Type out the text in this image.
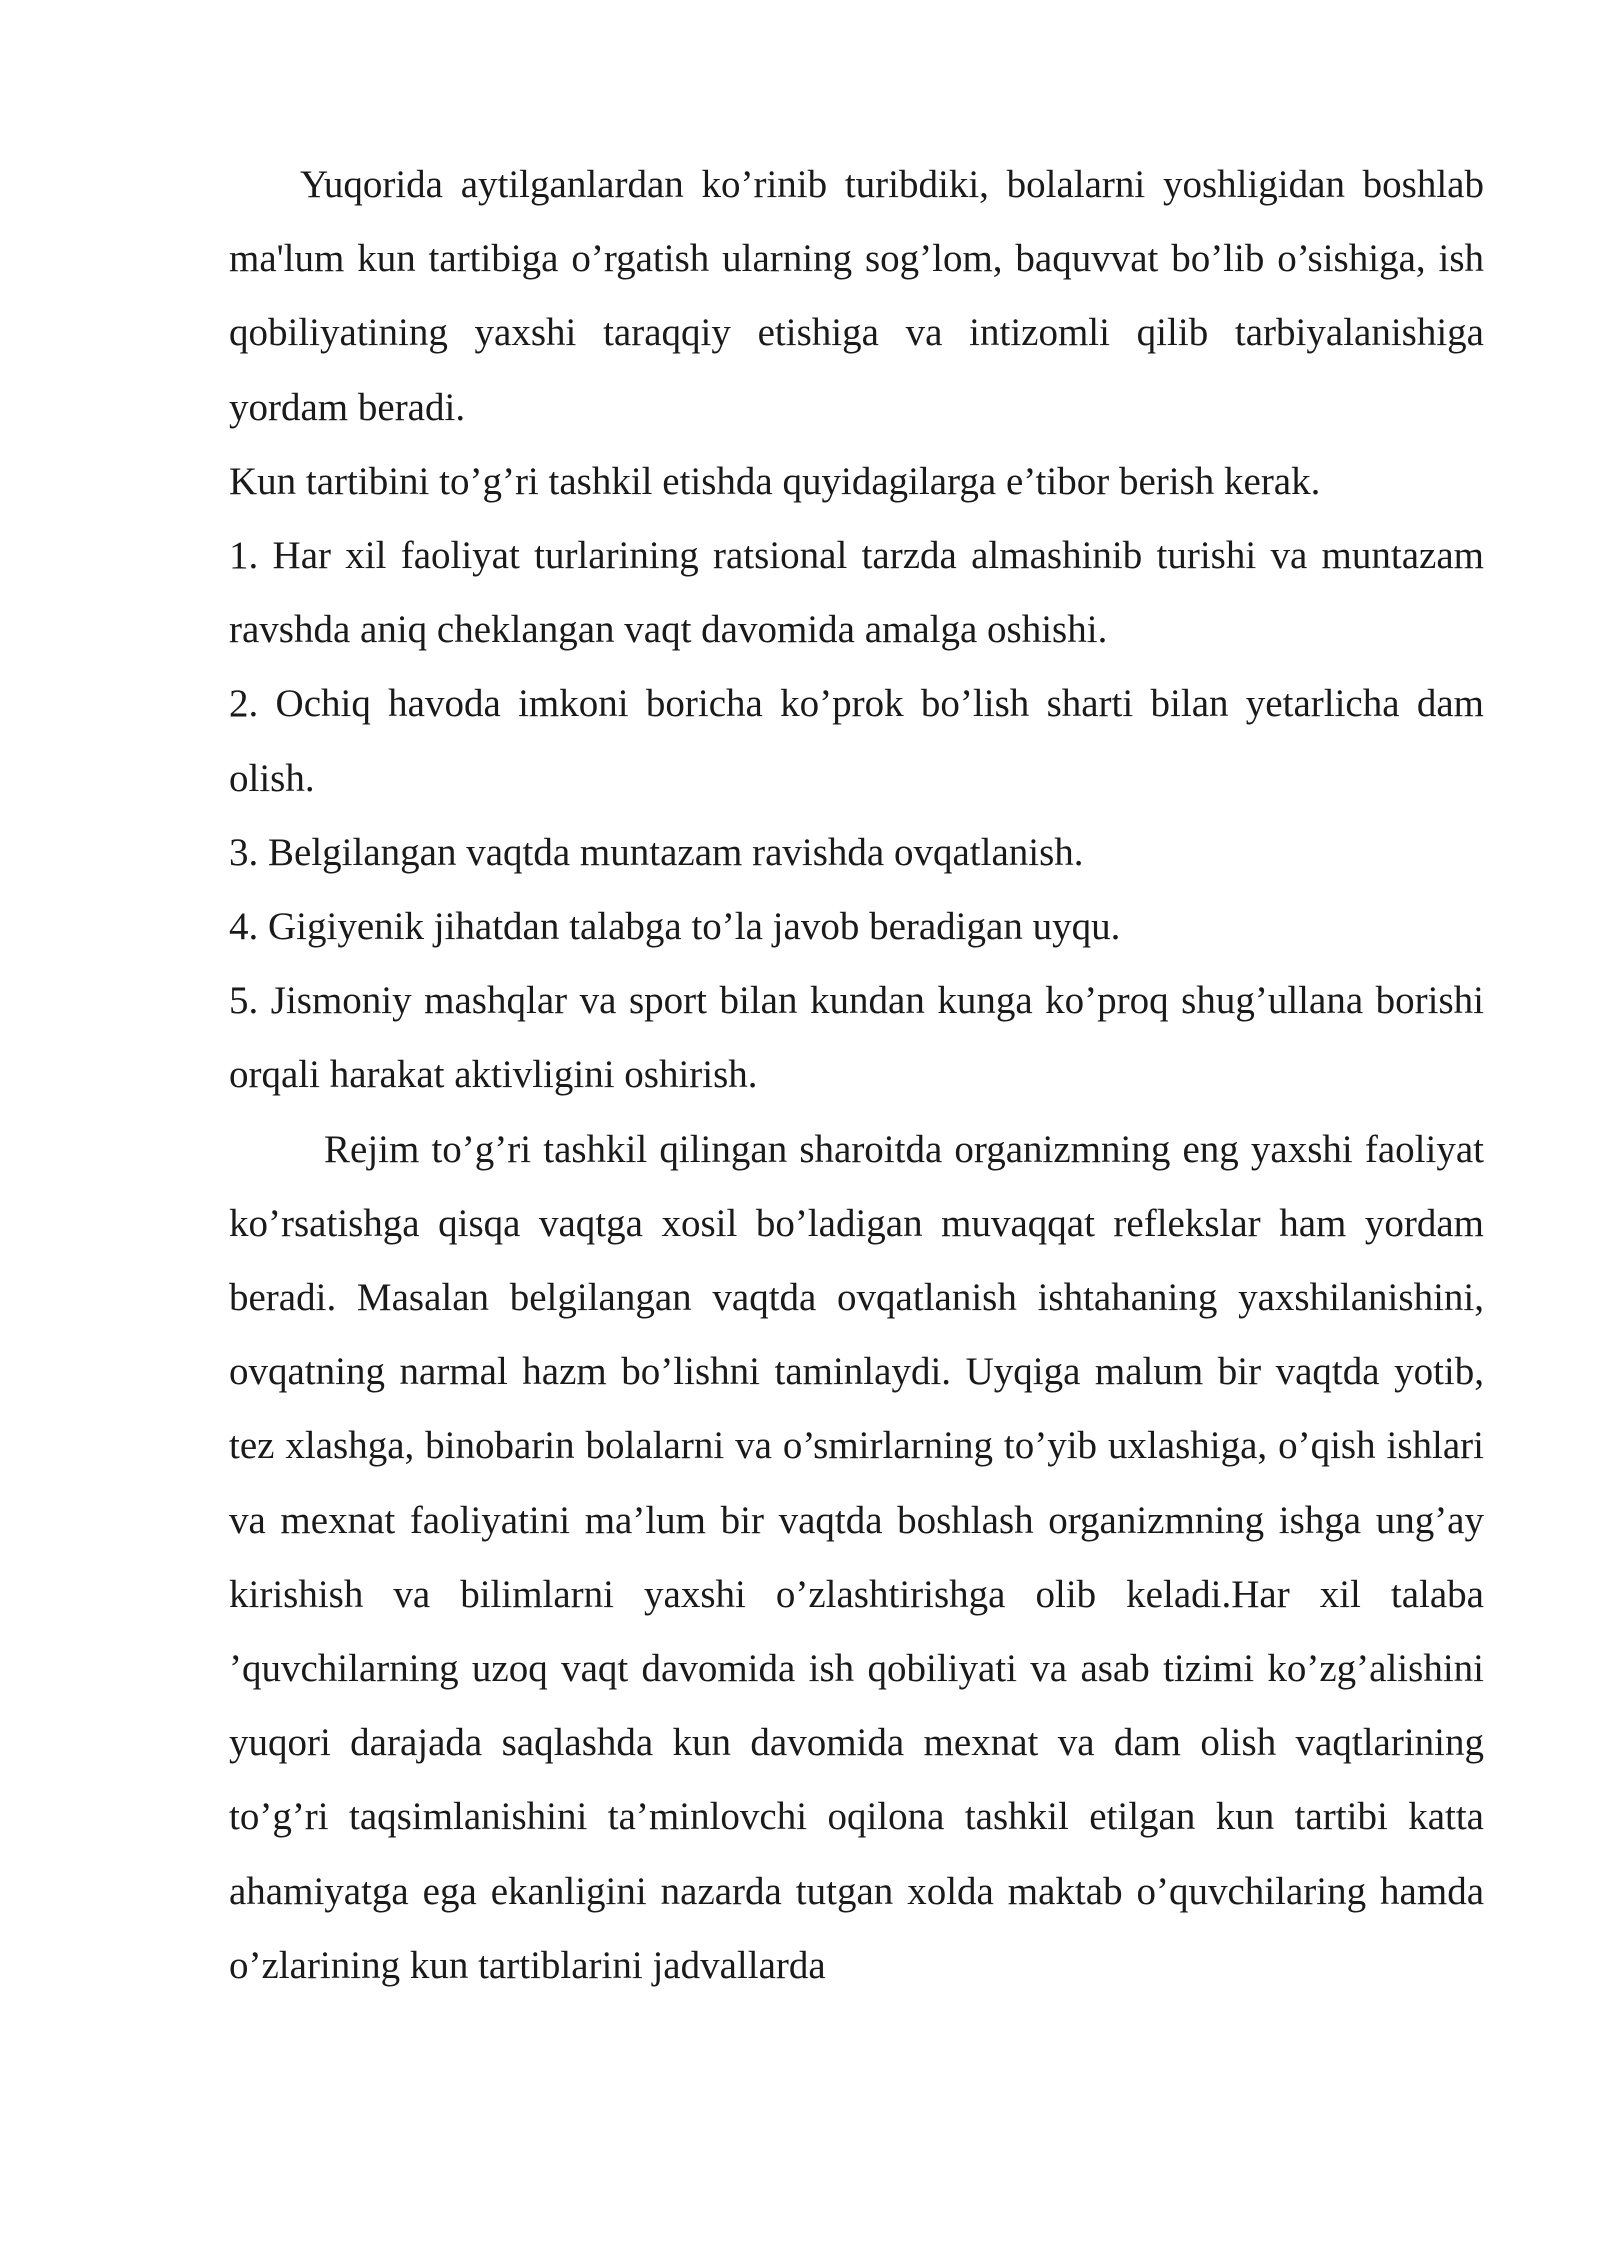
Yuqorida aytilganlardan ko’rinib turibdiki, bolalarni yoshligidan boshlab ma'lum kun tartibiga o’rgatish ularning sog’lom, baquvvat bo’lib o’sishiga, ish qobiliyatining yaxshi taraqqiy etishiga va intizomli qilib tarbiyalanishiga yordam beradi.

Kun tartibini to’g’ri tashkil etishda quyidagilarga e’tibor berish kerak.

1. Har xil faoliyat turlarining ratsional tarzda almashinib turishi va muntazam ravshda aniq cheklangan vaqt davomida amalga oshishi.

2. Ochiq havoda imkoni boricha ko’prok bo’lish sharti bilan yetarlicha dam olish.

3. Belgilangan vaqtda muntazam ravishda ovqatlanish.

4. Gigiyenik jihatdan talabga to’la javob beradigan uyqu.

5. Jismoniy mashqlar va sport bilan kundan kunga ko’proq shug’ullana borishi orqali harakat aktivligini oshirish.

Rejim to’g’ri tashkil qilingan sharoitda organizmning eng yaxshi faoliyat ko’rsatishga qisqa vaqtga xosil bo’ladigan muvaqqat reflekslar ham yordam beradi. Masalan belgilangan vaqtda ovqatlanish ishtahaning yaxshilanishini, ovqatning narmal hazm bo’lishni taminlaydi. Uyqiga malum bir vaqtda yotib, tez xlashga, binobarin bolalarni va o’smirlarning to’yib uxlashiga, o’qish ishlari va mexnat faoliyatini ma’lum bir vaqtda boshlash organizmning ishga ung’ay kirishish va bilimlarni yaxshi o’zlashtirishga olib keladi.Har xil talaba ’quvchilarning uzoq vaqt davomida ish qobiliyati va asab tizimi ko’zg’alishini yuqori darajada saqlashda kun davomida mexnat va dam olish vaqtlarining to’g’ri taqsimlanishini ta’minlovchi oqilona tashkil etilgan kun tartibi katta ahamiyatga ega ekanligini nazarda tutgan xolda maktab o’quvchilaring hamda o’zlarining kun tartiblarini jadvallarda
